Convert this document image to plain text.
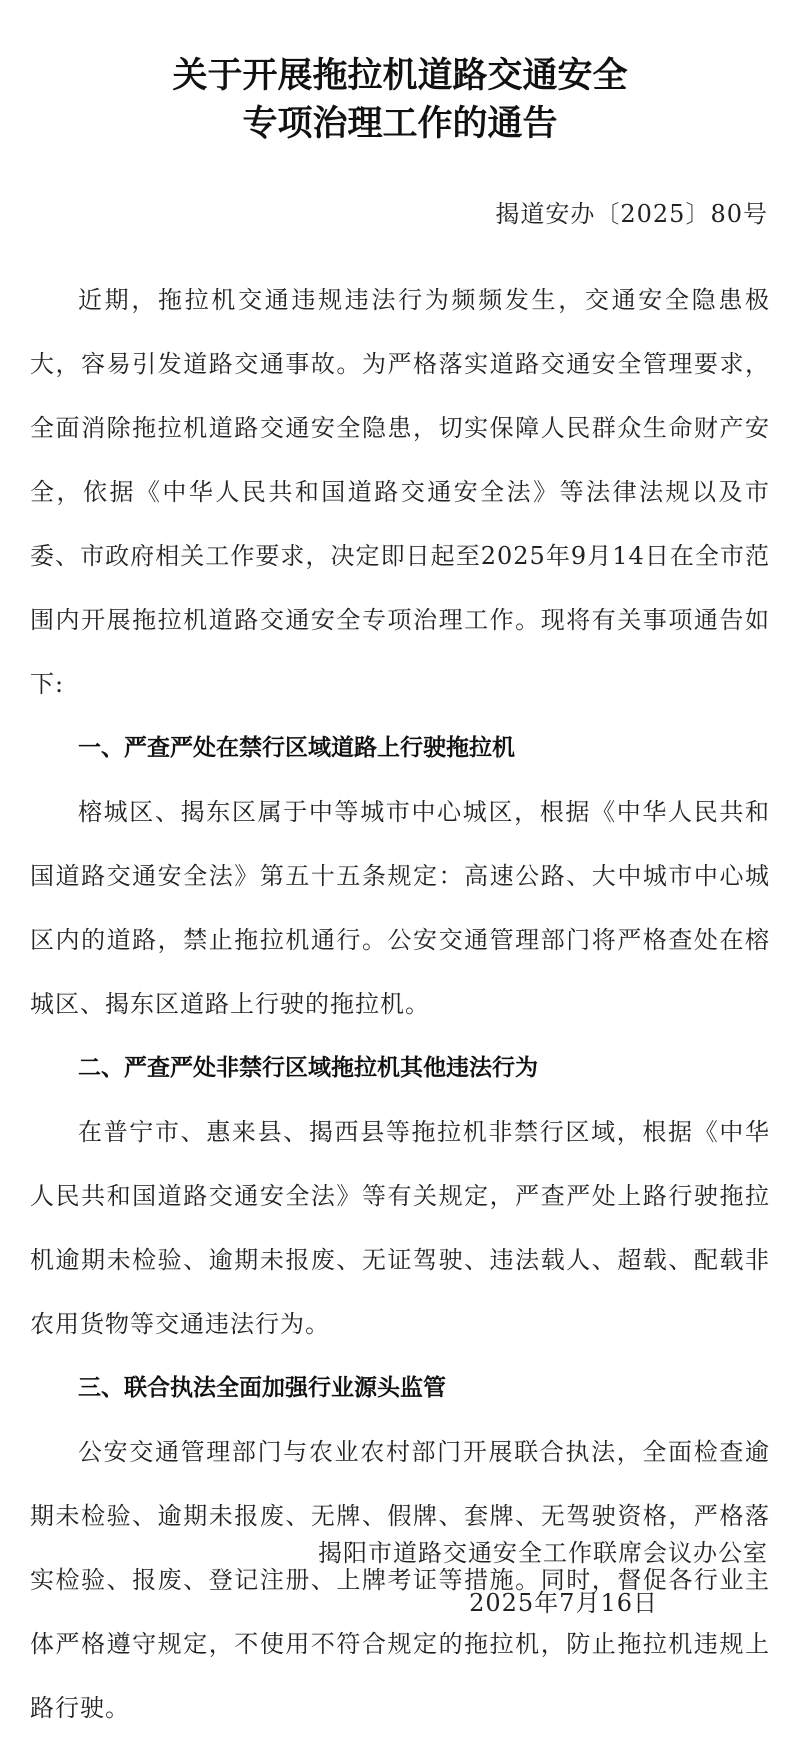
关于开展拖拉机道路交通安全
专项治理工作的通告
揭道安办〔2025〕80号

近期，拖拉机交通违规违法行为频频发生，交通安全隐患极大，容易引发道路交通事故。为严格落实道路交通安全管理要求，全面消除拖拉机道路交通安全隐患，切实保障人民群众生命财产安全，依据《中华人民共和国道路交通安全法》等法律法规以及市委、市政府相关工作要求，决定即日起至2025年9月14日在全市范围内开展拖拉机道路交通安全专项治理工作。现将有关事项通告如下:

一、严查严处在禁行区域道路上行驶拖拉机

榕城区、揭东区属于中等城市中心城区，根据《中华人民共和国道路交通安全法》第五十五条规定：高速公路、大中城市中心城区内的道路，禁止拖拉机通行。公安交通管理部门将严格查处在榕城区、揭东区道路上行驶的拖拉机。

二、严查严处非禁行区域拖拉机其他违法行为

在普宁市、惠来县、揭西县等拖拉机非禁行区域，根据《中华人民共和国道路交通安全法》等有关规定，严查严处上路行驶拖拉机逾期未检验、逾期未报废、无证驾驶、违法载人、超载、配载非农用货物等交通违法行为。

三、联合执法全面加强行业源头监管

公安交通管理部门与农业农村部门开展联合执法，全面检查逾期未检验、逾期未报废、无牌、假牌、套牌、无驾驶资格，严格落实检验、报废、登记注册、上牌考证等措施。同时，督促各行业主体严格遵守规定，不使用不符合规定的拖拉机，防止拖拉机违规上路行驶。

揭阳市道路交通安全工作联席会议办公室
2025年7月16日
